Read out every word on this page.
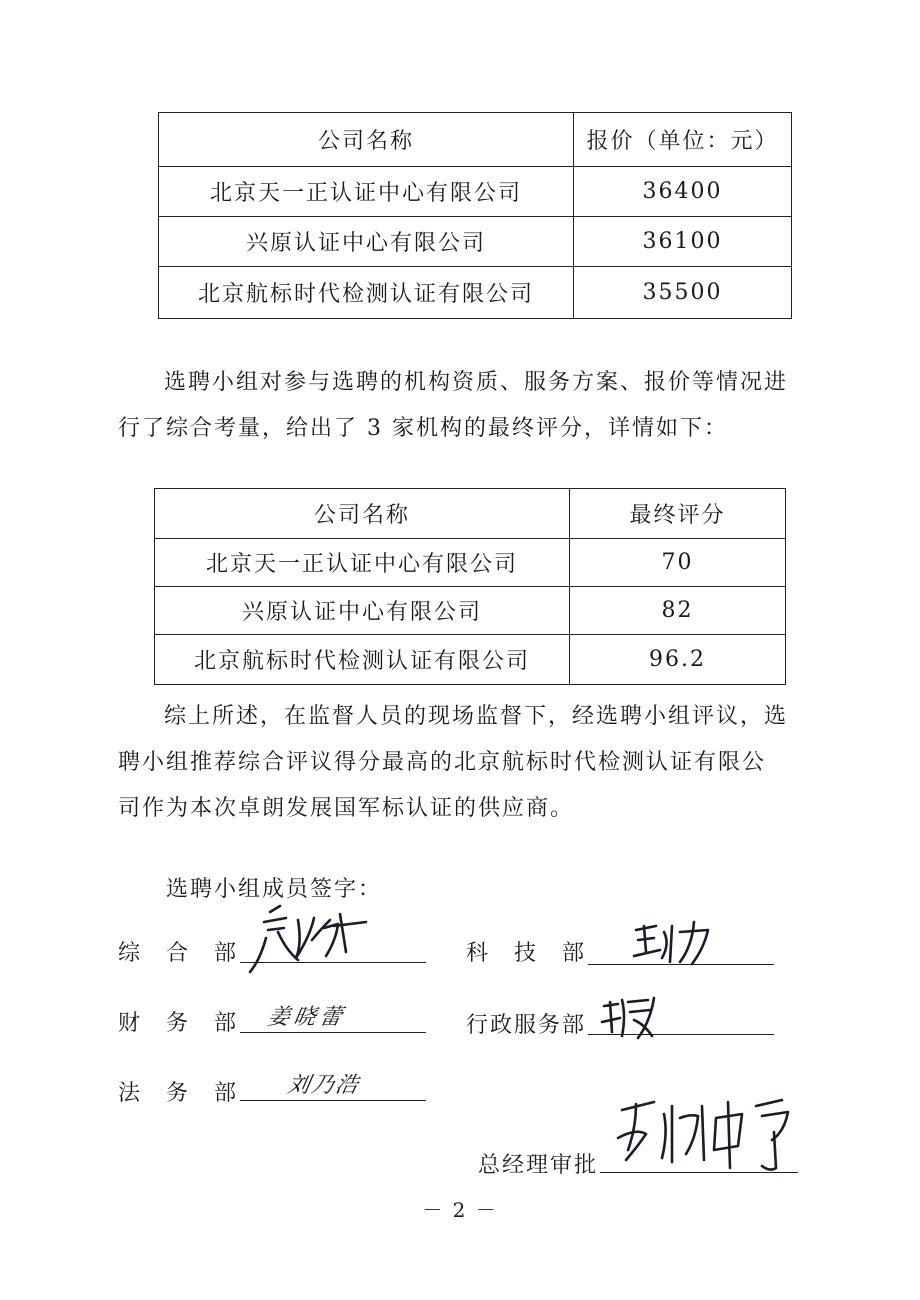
公司名称	报价（单位：元）
北京天一正认证中心有限公司	36400
兴原认证中心有限公司	36100
北京航标时代检测认证有限公司	35500
选聘小组对参与选聘的机构资质、服务方案、报价等情况进
行了综合考量，给出了 3 家机构的最终评分，详情如下：
公司名称	最终评分
北京天一正认证中心有限公司	70
兴原认证中心有限公司	82
北京航标时代检测认证有限公司	96.2
综上所述，在监督人员的现场监督下，经选聘小组评议，选
聘小组推荐综合评议得分最高的北京航标时代检测认证有限公
司作为本次卓朗发展国军标认证的供应商。
选聘小组成员签字：
综　合　部	科　技　部
财　务　部 姜晓蕾	行政服务部
法　务　部 刘乃浩
总经理审批
－ 2 －
